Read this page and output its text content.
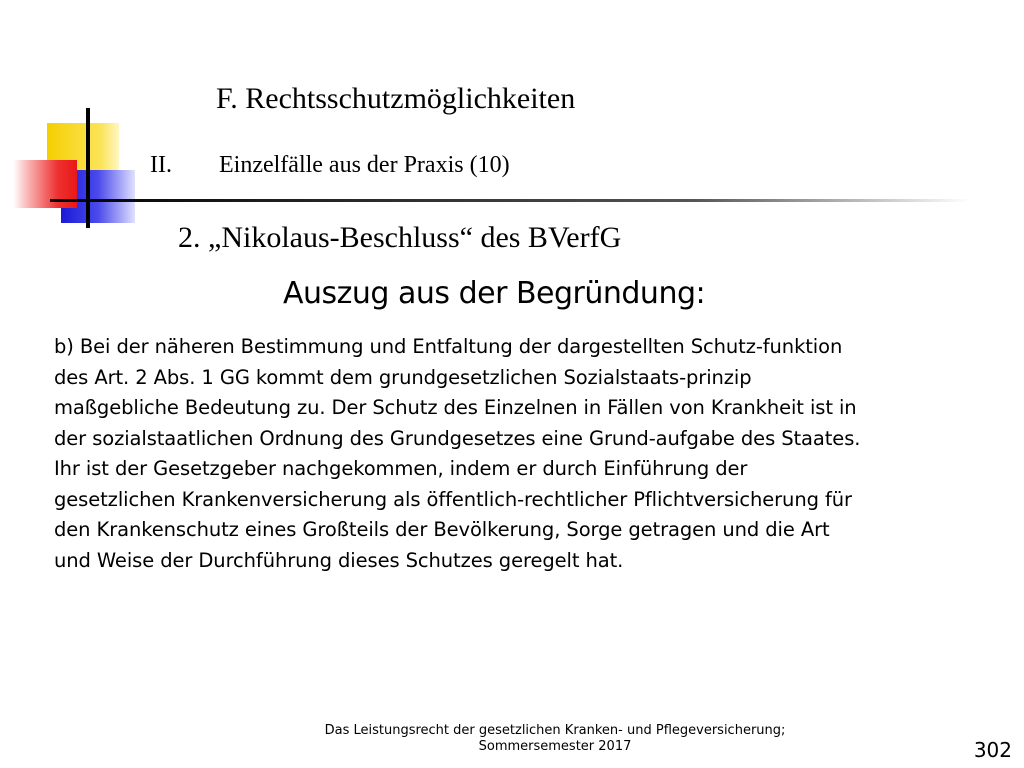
F. Rechtsschutzmöglichkeiten
II. Einzelfälle aus der Praxis (10)
2. „Nikolaus-Beschluss“ des BVerfG
Auszug aus der Begründung:
b) Bei der näheren Bestimmung und Entfaltung der dargestellten Schutz-funktion
des Art. 2 Abs. 1 GG kommt dem grundgesetzlichen Sozialstaats-prinzip
maßgebliche Bedeutung zu. Der Schutz des Einzelnen in Fällen von Krankheit ist in
der sozialstaatlichen Ordnung des Grundgesetzes eine Grund-aufgabe des Staates.
Ihr ist der Gesetzgeber nachgekommen, indem er durch Einführung der
gesetzlichen Krankenversicherung als öffentlich-rechtlicher Pflichtversicherung für
den Krankenschutz eines Großteils der Bevölkerung, Sorge getragen und die Art
und Weise der Durchführung dieses Schutzes geregelt hat.
Das Leistungsrecht der gesetzlichen Kranken- und Pflegeversicherung;
Sommersemester 2017	302
